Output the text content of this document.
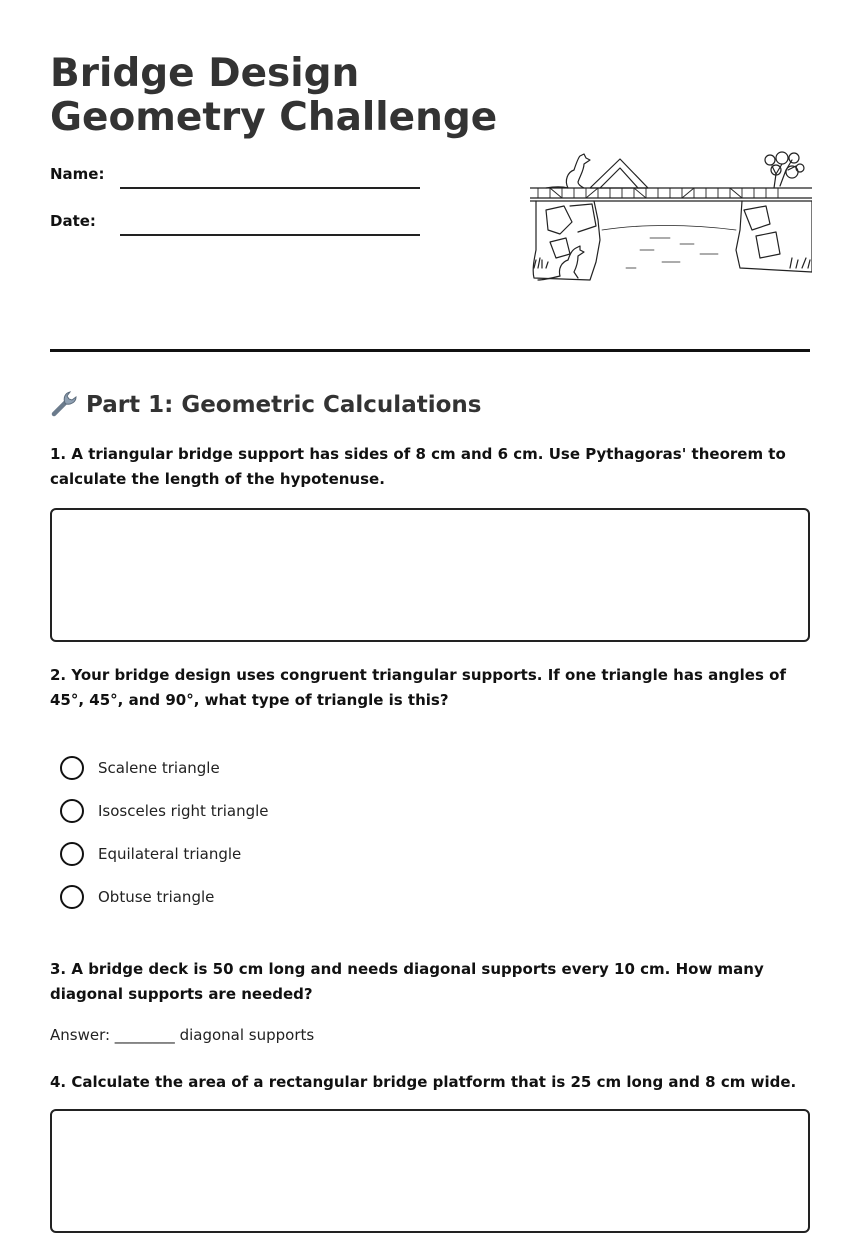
Bridge Design
Geometry Challenge
Name:
Date:
Part 1: Geometric Calculations

1. A triangular bridge support has sides of 8 cm and 6 cm. Use Pythagoras' theorem to calculate the length of the hypotenuse.

2. Your bridge design uses congruent triangular supports. If one triangle has angles of 45°, 45°, and 90°, what type of triangle is this?

Scalene triangle
Isosceles right triangle
Equilateral triangle
Obtuse triangle

3. A bridge deck is 50 cm long and needs diagonal supports every 10 cm. How many diagonal supports are needed?

Answer: ________ diagonal supports

4. Calculate the area of a rectangular bridge platform that is 25 cm long and 8 cm wide.
